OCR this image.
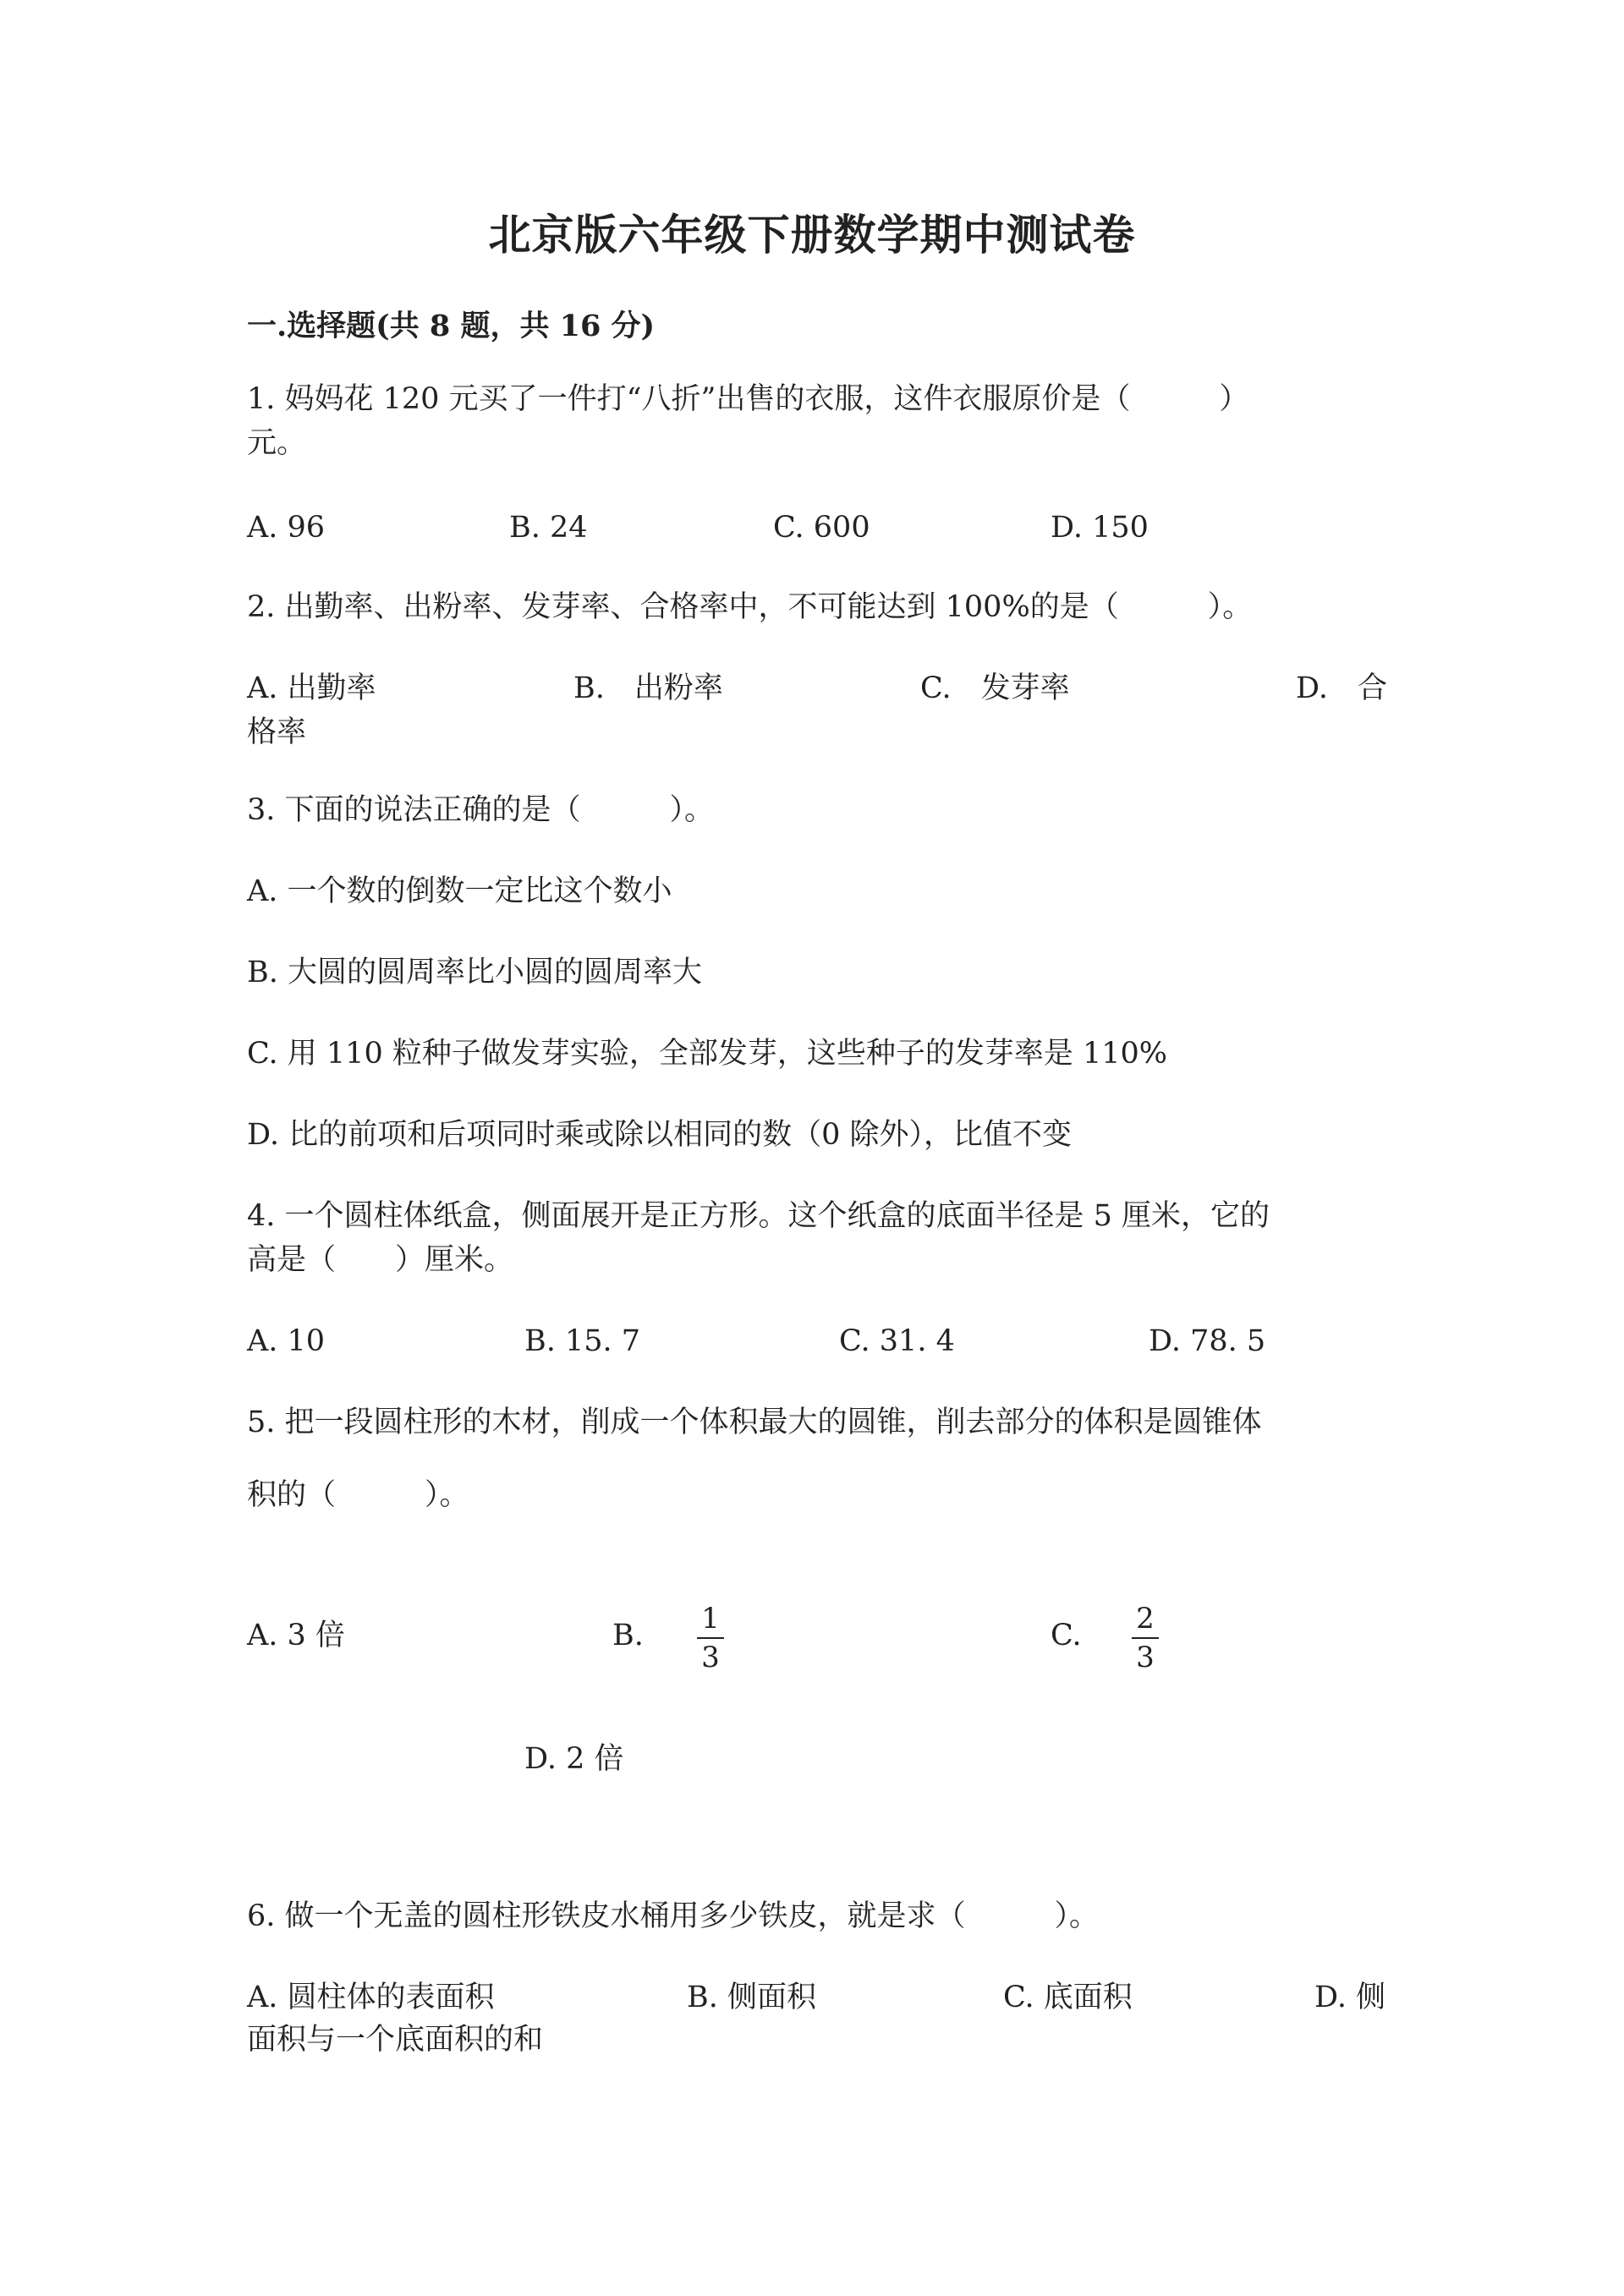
北京版六年级下册数学期中测试卷
一.选择题(共 8 题，共 16 分)
1. 妈妈花 120 元买了一件打“八折”出售的衣服，这件衣服原价是（　　　）
元。
A. 96	B. 24	C. 600	D. 150
2. 出勤率、出粉率、发芽率、合格率中，不可能达到 100%的是（　　　）。
A. 出勤率	B.　出粉率	C.　发芽率	D.　合
格率
3. 下面的说法正确的是（　　　）。
A. 一个数的倒数一定比这个数小
B. 大圆的圆周率比小圆的圆周率大
C. 用 110 粒种子做发芽实验，全部发芽，这些种子的发芽率是 110%
D. 比的前项和后项同时乘或除以相同的数（0 除外），比值不变
4. 一个圆柱体纸盒，侧面展开是正方形。这个纸盒的底面半径是 5 厘米，它的
高是（　　）厘米。
A. 10	B. 15. 7	C. 31. 4	D. 78. 5
5. 把一段圆柱形的木材，削成一个体积最大的圆锥，削去部分的体积是圆锥体
积的（　　　）。
A. 3 倍	B. 1
3
C. 2
3
D. 2 倍
6. 做一个无盖的圆柱形铁皮水桶用多少铁皮，就是求（　　　）。
A. 圆柱体的表面积	B. 侧面积	C. 底面积	D. 侧
面积与一个底面积的和
